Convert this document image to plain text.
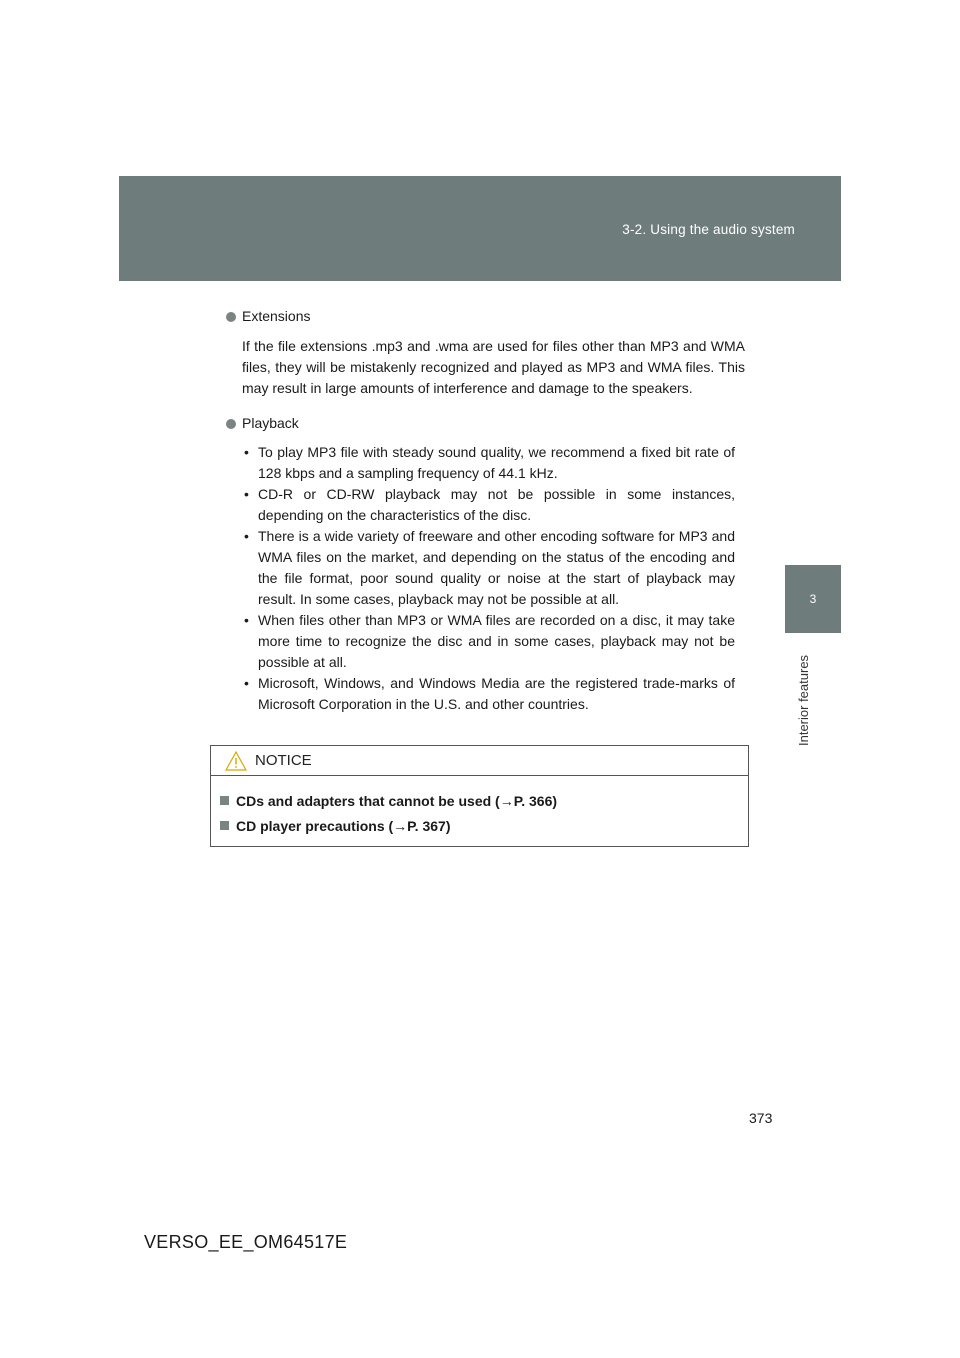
3-2. Using the audio system
3
Interior features
Extensions

If the file extensions .mp3 and .wma are used for files other than MP3 and WMA files, they will be mistakenly recognized and played as MP3 and WMA files. This may result in large amounts of interference and damage to the speakers.

Playback
• To play MP3 file with steady sound quality, we recommend a fixed bit rate of 128 kbps and a sampling frequency of 44.1 kHz.
• CD-R or CD-RW playback may not be possible in some instances, depending on the characteristics of the disc.
• There is a wide variety of freeware and other encoding software for MP3 and WMA files on the market, and depending on the status of the encoding and the file format, poor sound quality or noise at the start of playback may result. In some cases, playback may not be possible at all.
• When files other than MP3 or WMA files are recorded on a disc, it may take more time to recognize the disc and in some cases, playback may not be possible at all.
• Microsoft, Windows, and Windows Media are the registered trade-marks of Microsoft Corporation in the U.S. and other countries.
NOTICE
CDs and adapters that cannot be used (→P. 366)
CD player precautions (→P. 367)
373
VERSO_EE_OM64517E
